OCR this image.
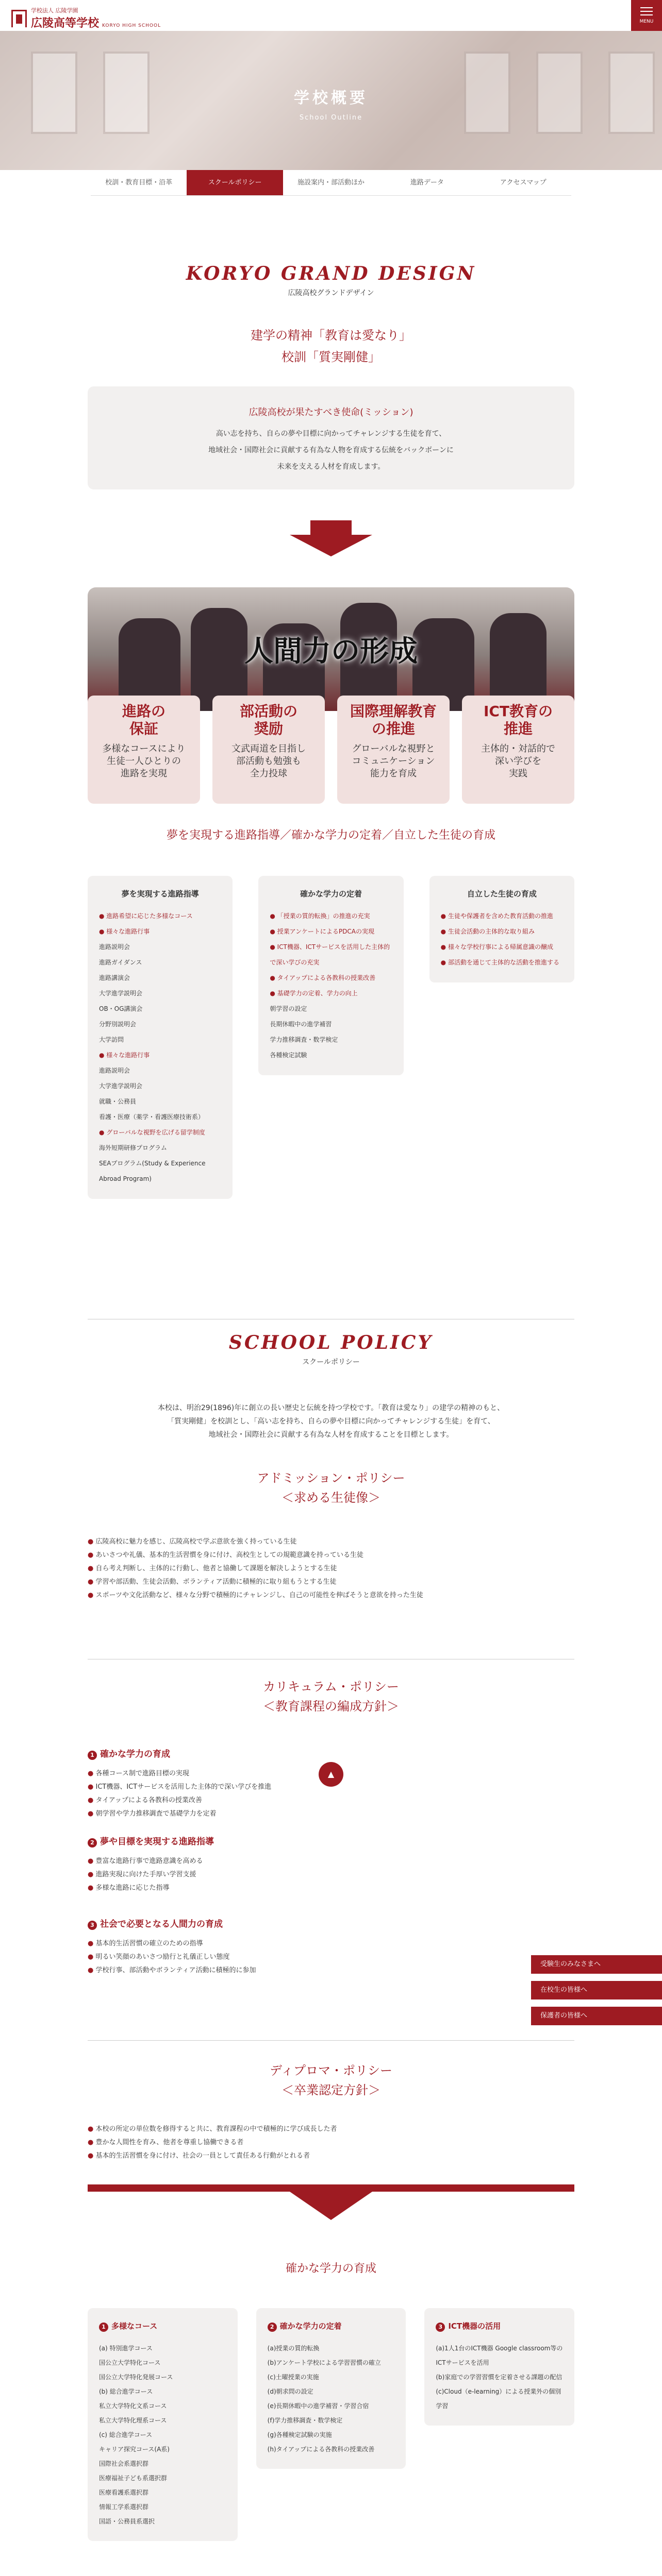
学校法人 広陵学園
広陵高等学校 KORYO HIGH SCHOOL
MENU
学校概要

School Outline

校訓・教育目標・沿革	スクールポリシー	施設案内・部活動ほか	進路データ	アクセスマップ
KORYO GRAND DESIGN

広陵高校グランドデザイン

建学の精神「教育は愛なり」
校訓「質実剛健」
広陵高校が果たすべき使命(ミッション)

高い志を持ち、自らの夢や目標に向かってチャレンジする生徒を育て、

地域社会・国際社会に貢献する有為な人物を育成する伝統をバックボーンに

未来を支える人材を育成します。

人間力の形成
進路の
保証

多様なコースにより
生徒一人ひとりの
進路を実現

部活動の
奨励

文武両道を目指し
部活動も勉強も
全力投球

国際理解教育
の推進

グローバルな視野と
コミュニケーション
能力を育成

ICT教育の
推進

主体的・対話的で
深い学びを
実践

夢を実現する進路指導／確かな学力の定着／自立した生徒の育成
夢を実現する進路指導
● 進路希望に応じた多様なコース
● 様々な進路行事
進路説明会
進路ガイダンス
進路講演会
大学進学説明会
OB・OG講演会
分野別説明会
大学訪問
● 様々な進路行事
進路説明会
大学進学説明会
就職・公務員
看護・医療（薬学・看護医療技術系）
● グローバルな視野を広げる留学制度
海外短期研修プログラム
SEAプログラム(Study & Experience Abroad Program)
確かな学力の定着
● 「授業の質的転換」の推進の充実
● 授業アンケートによるPDCAの実現
● ICT機器、ICTサービスを活用した主体的で深い学びの充実
● タイアップによる各教科の授業改善
● 基礎学力の定着、学力の向上
朝学習の設定
長期休暇中の進学補習
学力推移調査・数学検定
各種検定試験
自立した生徒の育成
● 生徒や保護者を含めた教育活動の推進
● 生徒会活動の主体的な取り組み
● 様々な学校行事による帰属意識の醸成
● 部活動を通じて主体的な活動を推進する
SCHOOL POLICY

スクールポリシー

本校は、明治29(1896)年に創立の長い歴史と伝統を持つ学校です。「教育は愛なり」の建学の精神のもと、

「質実剛健」を校訓とし、「高い志を持ち、自らの夢や目標に向かってチャレンジする生徒」を育て、

地域社会・国際社会に貢献する有為な人材を育成することを目標とします。

アドミッション・ポリシー
＜求める生徒像＞
● 広陵高校に魅力を感じ、広陵高校で学ぶ意欲を強く持っている生徒
● あいさつや礼儀、基本的生活習慣を身に付け、高校生としての規範意識を持っている生徒
● 自ら考え判断し、主体的に行動し、他者と協働して課題を解決しようとする生徒
● 学習や部活動、生徒会活動、ボランティア活動に積極的に取り組もうとする生徒
● スポーツや文化活動など、様々な分野で積極的にチャレンジし、自己の可能性を伸ばそうと意欲を持った生徒
カリキュラム・ポリシー
＜教育課程の編成方針＞
▲
1 確かな学力の育成
● 各種コース制で進路目標の実現
● ICT機器、ICTサービスを活用した主体的で深い学びを推進
● タイアップによる各教科の授業改善
● 朝学習や学力推移調査で基礎学力を定着
2 夢や目標を実現する進路指導
● 豊富な進路行事で進路意識を高める
● 進路実現に向けた手厚い学習支援
● 多様な進路に応じた指導
3 社会で必要となる人間力の育成
● 基本的生活習慣の確立のための指導
● 明るい笑顔のあいさつ励行と礼儀正しい態度
● 学校行事、部活動やボランティア活動に積極的に参加
受験生のみなさまへ
在校生の皆様へ
保護者の皆様へ
ディプロマ・ポリシー
＜卒業認定方針＞
● 本校の所定の単位数を修得すると共に、教育課程の中で積極的に学び成長した者
● 豊かな人間性を育み、他者を尊重し協働できる者
● 基本的生活習慣を身に付け、社会の一員として責任ある行動がとれる者
確かな学力の育成
1 多様なコース
(a) 特別進学コース
国公立大学特化コース
国公立大学特化発展コース
(b) 総合進学コース
私立大学特化文系コース
私立大学特化理系コース
(c) 総合進学コース
キャリア探究コース(A系)
国際社会系選択群
医療福祉子ども系選択群
医療看護系選択群
情報工学系選択群
国語・公務員系選択
2 確かな学力の定着
(a)授業の質的転換
(b)アンケート学校による学習習慣の確立
(c)土曜授業の実施
(d)朝求問の設定
(e)長期休暇中の進学補習・学習合宿
(f)学力推移調査・数学検定
(g)各種検定試験の実施
(h)タイアップによる各教科の授業改善
3 ICT機器の活用
(a)1人1台のICT機器 Google classroom等のICTサービスを活用
(b)家庭での学習習慣を定着させる課題の配信
(c)Cloud（e-learning）による授業外の個別学習
